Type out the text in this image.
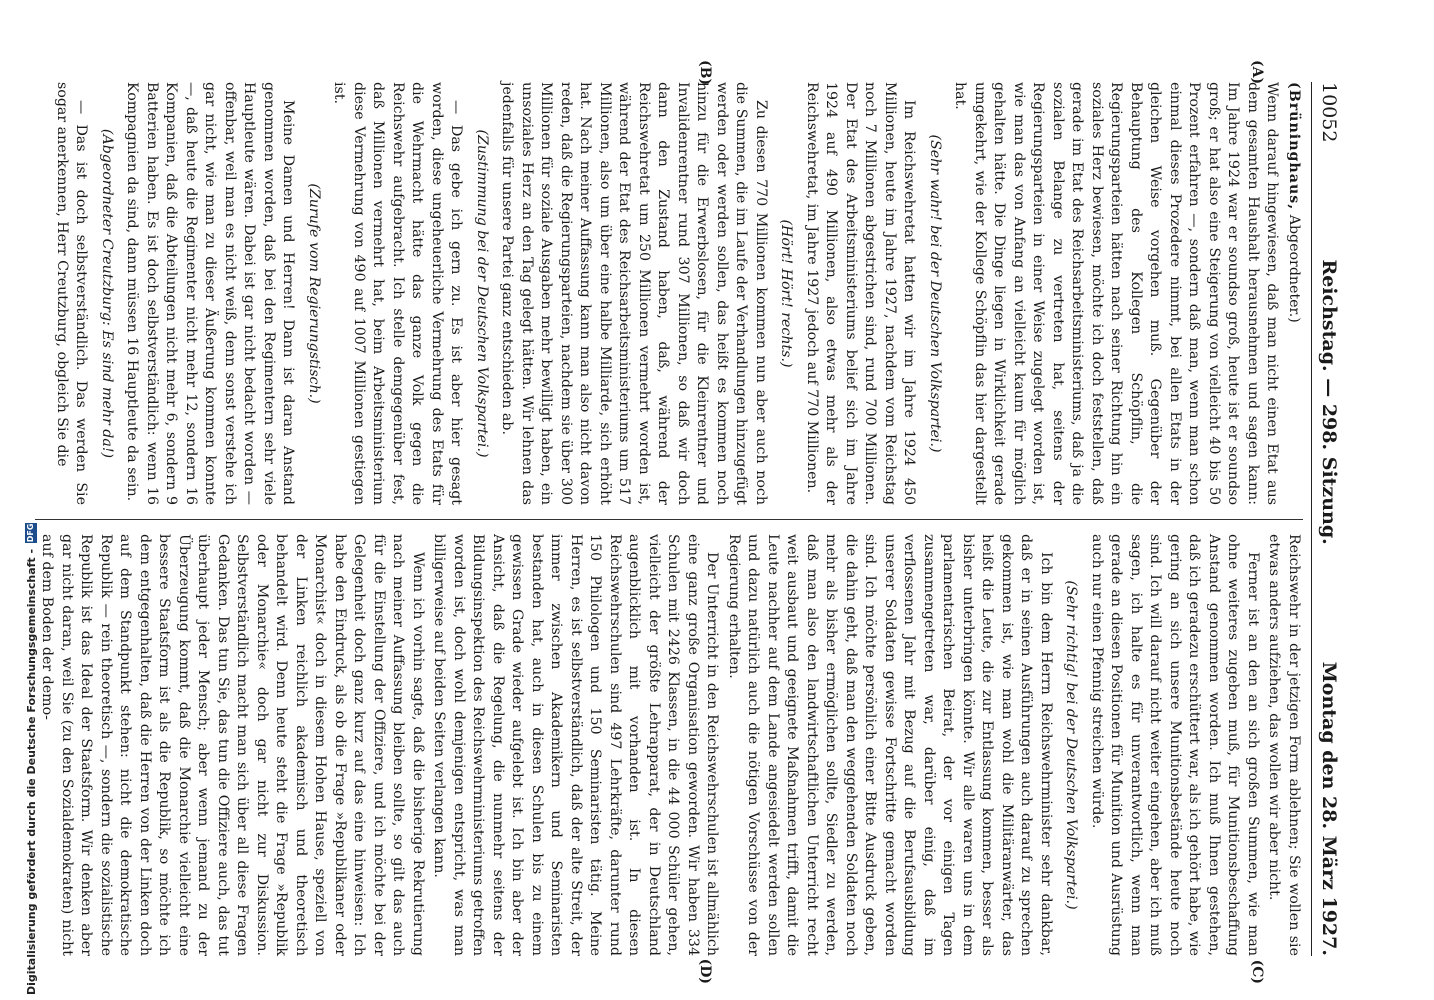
10052
Reichstag. — 298. Sitzung.
Montag den 28. März 1927.
(A)
(B)
(C)
(D)

(Brüninghaus, Abgeordneter.)

Wenn darauf hingewiesen, daß man nicht einen Etat aus dem gesamten Haushalt herausnehmen und sagen kann: Im Jahre 1924 war er soundso groß, heute ist er soundso groß; er hat also eine Steigerung von vielleicht 40 bis 50 Prozent erfahren —, sondern daß man, wenn man schon einmal dieses Prozedere nimmt, bei allen Etats in der gleichen Weise vorgehen muß. Gegenüber der Behauptung des Kollegen Schöpflin, die Regierungsparteien hätten nach seiner Richtung hin ein soziales Herz bewiesen, möchte ich doch feststellen, daß gerade im Etat des Reichsarbeitsministeriums, daß ja die sozialen Belange zu vertreten hat, seitens der Regierungsparteien in einer Weise zugelegt worden ist, wie man das von Anfang an vielleicht kaum für möglich gehalten hätte. Die Dinge liegen in Wirklichkeit gerade umgekehrt, wie der Kollege Schöpflin das hier dargestellt hat.

(Sehr wahr! bei der Deutschen Volkspartei.)

Im Reichswehretat hatten wir im Jahre 1924 450 Millionen, heute im Jahre 1927, nachdem vom Reichstag noch 7 Millionen abgestrichen sind, rund 700 Millionen. Der Etat des Arbeitsministeriums belief sich im Jahre 1924 auf 490 Millionen, also etwas mehr als der Reichswehretat, im Jahre 1927 jedoch auf 770 Millionen.

(Hört! Hört! rechts.)

Zu diesen 770 Millionen kommen nun aber auch noch die Summen, die im Laufe der Verhandlungen hinzugefügt werden oder werden sollen, das heißt es kommen noch hinzu für die Erwerbslosen, für die Kleinrentner und Invalidenrentner rund 307 Millionen, so daß wir doch dann den Zustand haben, daß, während der Reichswehretat um 250 Millionen vermehrt worden ist, während der Etat des Reichsarbeitsministeriums um 517 Millionen, also um über eine halbe Milliarde, sich erhöht hat. Nach meiner Auffassung kann man also nicht davon reden, daß die Regierungsparteien, nachdem sie über 300 Millionen für soziale Ausgaben mehr bewilligt haben, ein unsoziales Herz an den Tag gelegt hätten. Wir lehnen das jedenfalls für unsere Partei ganz entschieden ab.

(Zustimmung bei der Deutschen Volkspartei.)

— Das gebe ich gern zu. Es ist aber hier gesagt worden, diese ungeheuerliche Vermehrung des Etats für die Wehrmacht hätte das ganze Volk gegen die Reichswehr aufgebracht. Ich stelle demgegenüber fest, daß Millionen vermehrt hat, beim Arbeitsministerium diese Vermehrung von 490 auf 1007 Millionen gestiegen ist.

(Zurufe vom Regierungstisch.)

Meine Damen und Herren! Dann ist daran Anstand genommen worden, daß bei den Regimentern sehr viele Hauptleute wären. Dabei ist gar nicht bedacht worden — offenbar, weil man es nicht weiß, denn sonst verstehe ich gar nicht, wie man zu dieser Äußerung kommen konnte —, daß heute die Regimenter nicht mehr 12, sondern 16 Kompanien, daß die Abteilungen nicht mehr 6, sondern 9 Batterien haben. Es ist doch selbstverständlich: wenn 16 Kompagnien da sind, dann müssen 16 Hauptleute da sein.

(Abgeordneter Creutzburg: Es sind mehr da!)

— Das ist doch selbstverständlich. Das werden Sie sogar anerkennen, Herr Creutzburg, obgleich Sie die

Reichswehr in der jetzigen Form ablehnen; Sie wollen sie etwas anders aufziehen, das wollen wir aber nicht.

Ferner ist an den an sich großen Summen, wie man ohne weiteres zugeben muß, für Munitionsbeschaffung Anstand genommen worden. Ich muß Ihnen gestehen, daß ich geradezu erschüttert war, als ich gehört habe, wie gering an sich unsere Munitionsbestände heute noch sind. Ich will darauf nicht weiter eingehen, aber ich muß sagen, ich halte es für unverantwortlich, wenn man gerade an diesen Positionen für Munition und Ausrüstung auch nur einen Pfennig streichen würde.

(Sehr richtig! bei der Deutschen Volkspartei.)

Ich bin dem Herrn Reichswehrminister sehr dankbar, daß er in seinen Ausführungen auch darauf zu sprechen gekommen ist, wie man wohl die Militäranwärter, das heißt die Leute, die zur Entlassung kommen, besser als bisher unterbringen könnte. Wir alle waren uns in dem parlamentarischen Beirat, der vor einigen Tagen zusammengetreten war, darüber einig, daß im verflossenen Jahr mit Bezug auf die Berufsausbildung unserer Soldaten gewisse Fortschritte gemacht worden sind. Ich möchte persönlich einer Bitte Ausdruck geben, die dahin geht, daß man den weggehenden Soldaten noch mehr als bisher ermöglichen sollte, Siedler zu werden, daß man also den landwirtschaftlichen Unterricht recht weit ausbaut und geeignete Maßnahmen trifft, damit die Leute nachher auf dem Lande angesiedelt werden sollen und dazu natürlich auch die nötigen Vorschüsse von der Regierung erhalten.

Der Unterricht in den Reichswehrschulen ist allmählich eine ganz große Organisation geworden. Wir haben 334 Schulen mit 2426 Klassen, in die 44 000 Schüler gehen, vielleicht der größte Lehrapparat, der in Deutschland augenblicklich mit vorhanden ist. In diesen Reichswehrschulen sind 497 Lehrkräfte, darunter rund 150 Philologen und 150 Seminaristen tätig. Meine Herren, es ist selbstverständlich, daß der alte Streit, der immer zwischen Akademikern und Seminaristen bestanden hat, auch in diesen Schulen bis zu einem gewissen Grade wieder aufgelebt ist. Ich bin aber der Ansicht, daß die Regelung, die nunmehr seitens der Bildungsinspektion des Reichswehrministeriums getroffen worden ist, doch wohl demjenigen entspricht, was man billigerweise auf beiden Seiten verlangen kann.

Wenn ich vorhin sagte, daß die bisherige Rekrutierung nach meiner Auffassung bleiben sollte, so gilt das auch für die Einstellung der Offiziere, und ich möchte bei der Gelegenheit doch ganz kurz auf das eine hinweisen: Ich habe den Eindruck, als ob die Frage »Republikaner oder Monarchist« doch in diesem Hohen Hause, speziell von der Linken reichlich akademisch und theoretisch behandelt wird. Denn heute steht die Frage »Republik oder Monarchie« doch gar nicht zur Diskussion. Selbstverständlich macht man sich über all diese Fragen Gedanken. Das tun Sie, das tun die Offiziere auch, das tut überhaupt jeder Mensch; aber wenn jemand zu der Überzeugung kommt, daß die Monarchie vielleicht eine bessere Staatsform ist als die Republik, so möchte ich dem entgegenhalten, daß die Herren von der Linken doch auf dem Standpunkt stehen: nicht die demokratische Republik — rein theoretisch —, sondern die sozialistische Republik ist das Ideal der Staatsform. Wir denken aber gar nicht daran, weil Sie (zu den Sozialdemokraten) nicht auf dem Boden der demo-

Digitalisierung gefördert durch die Deutsche Forschungsgemeinschaft -
DFG
